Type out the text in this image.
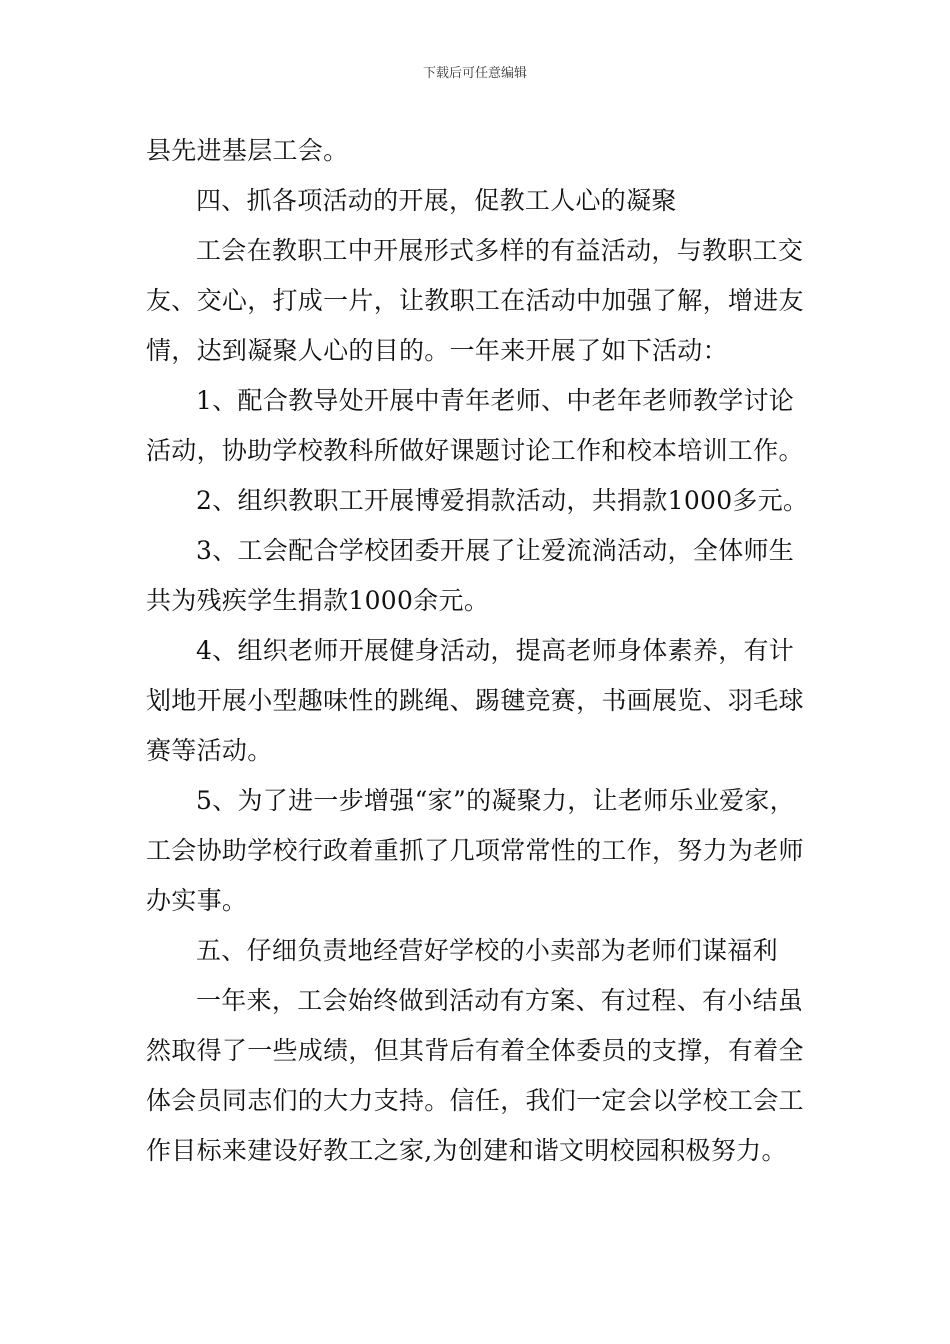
下载后可任意编辑

县先进基层工会。

四、抓各项活动的开展，促教工人心的凝聚

工会在教职工中开展形式多样的有益活动，与教职工交友、交心，打成一片，让教职工在活动中加强了解，增进友情，达到凝聚人心的目的。一年来开展了如下活动：

1、配合教导处开展中青年老师、中老年老师教学讨论活动，协助学校教科所做好课题讨论工作和校本培训工作。

2、组织教职工开展博爱捐款活动，共捐款1000多元。

3、工会配合学校团委开展了让爱流淌活动，全体师生共为残疾学生捐款1000余元。

4、组织老师开展健身活动，提高老师身体素养，有计划地开展小型趣味性的跳绳、踢毽竞赛，书画展览、羽毛球赛等活动。

5、为了进一步增强“家”的凝聚力，让老师乐业爱家，工会协助学校行政着重抓了几项常常性的工作，努力为老师办实事。

五、仔细负责地经营好学校的小卖部为老师们谋福利

一年来，工会始终做到活动有方案、有过程、有小结虽然取得了一些成绩，但其背后有着全体委员的支撑，有着全体会员同志们的大力支持。信任，我们一定会以学校工会工作目标来建设好教工之家,为创建和谐文明校园积极努力。
